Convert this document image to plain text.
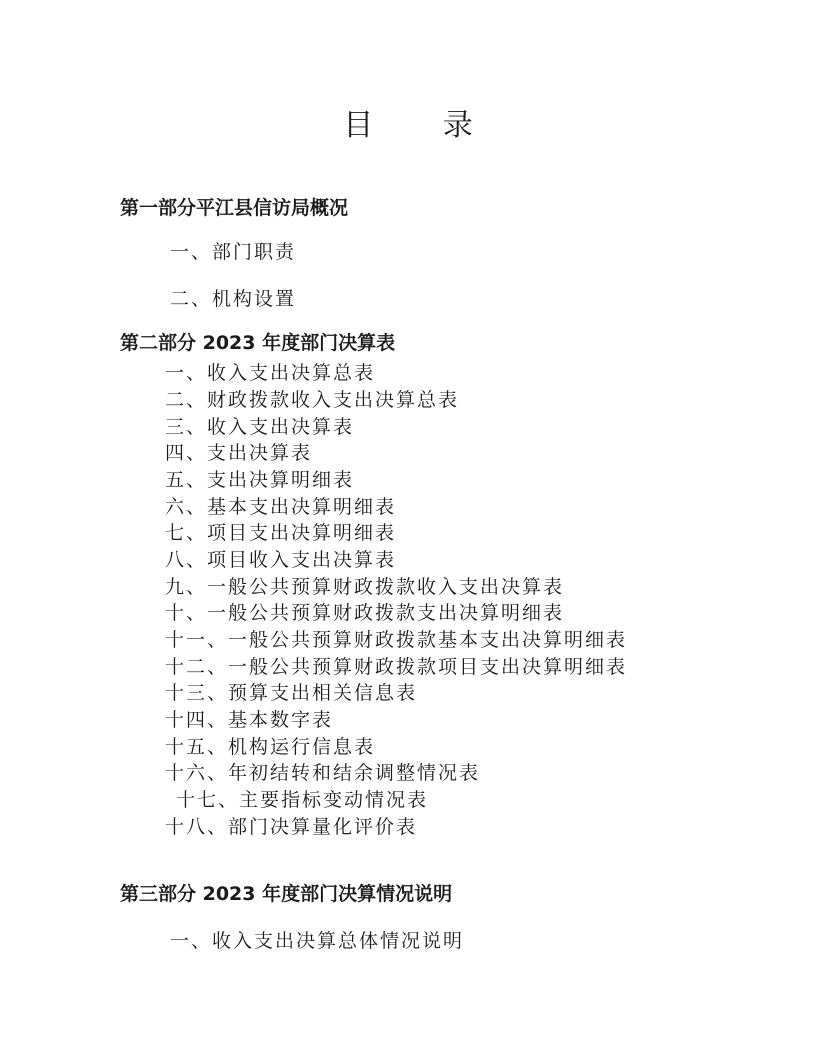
目 录
第一部分平江县信访局概况
一、部门职责
二、机构设置
第二部分 2023 年度部门决算表
一、收入支出决算总表
二、财政拨款收入支出决算总表
三、收入支出决算表
四、支出决算表
五、支出决算明细表
六、基本支出决算明细表
七、项目支出决算明细表
八、项目收入支出决算表
九、一般公共预算财政拨款收入支出决算表
十、一般公共预算财政拨款支出决算明细表
十一、一般公共预算财政拨款基本支出决算明细表
十二、一般公共预算财政拨款项目支出决算明细表
十三、预算支出相关信息表
十四、基本数字表
十五、机构运行信息表
十六、年初结转和结余调整情况表
十七、主要指标变动情况表
十八、部门决算量化评价表
第三部分 2023 年度部门决算情况说明
一、收入支出决算总体情况说明
